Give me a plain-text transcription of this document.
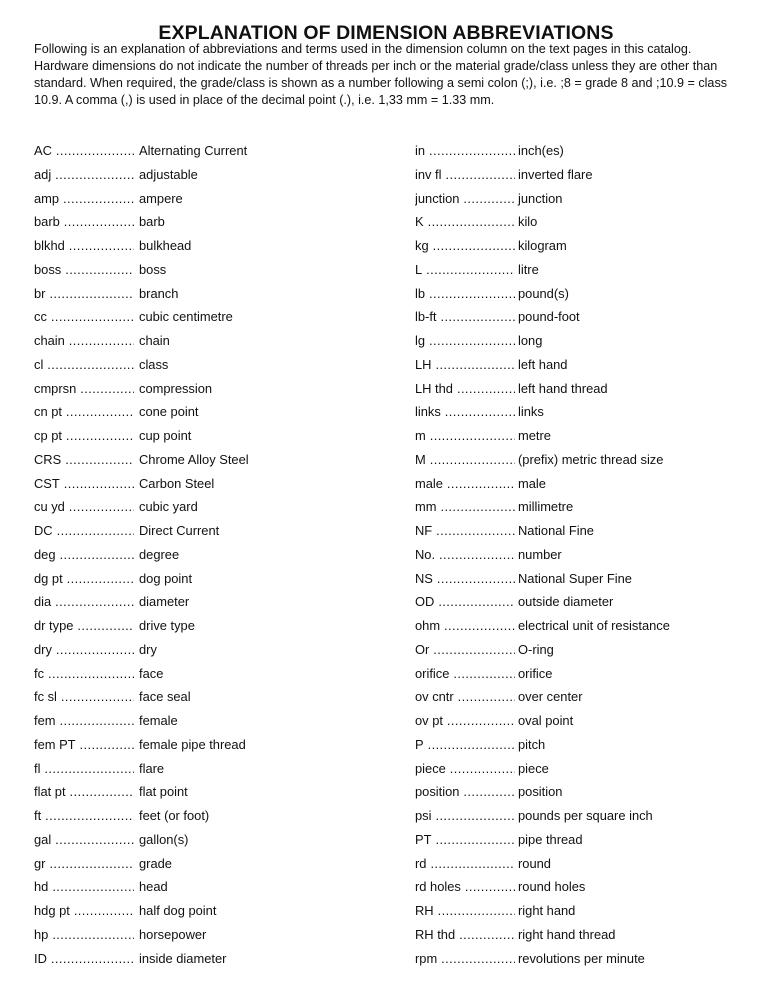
EXPLANATION OF DIMENSION ABBREVIATIONS

Following is an explanation of abbreviations and terms used in the dimension column on the text pages in this catalog. Hardware dimensions do not indicate the number of threads per inch or the material grade/class unless they are other than standard. When required, the grade/class is shown as a number following a semi colon (;), i.e. ;8 = grade 8 and ;10.9 = class 10.9. A comma (,) is used in place of the decimal point (.), i.e. 1,33 mm = 1.33 mm.

AC .....	Alternating Current
adj .....	adjustable
amp .....	ampere
barb .....	barb
blkhd .....	bulkhead
boss .....	boss
br .....	branch
cc .....	cubic centimetre
chain .....	chain
cl .....	class
cmprsn .....	compression
cn pt .....	cone point
cp pt .....	cup point
CRS .....	Chrome Alloy Steel
CST .....	Carbon Steel
cu yd .....	cubic yard
DC .....	Direct Current
deg .....	degree
dg pt .....	dog point
dia .....	diameter
dr type .....	drive type
dry .....	dry
fc .....	face
fc sl .....	face seal
fem .....	female
fem PT .....	female pipe thread
fl .....	flare
flat pt .....	flat point
ft .....	feet (or foot)
gal .....	gallon(s)
gr .....	grade
hd .....	head
hdg pt .....	half dog point
hp .....	horsepower
ID .....	inside diameter
in .....	inch(es)
inv fl .....	inverted flare
junction .....	junction
K .....	kilo
kg .....	kilogram
L .....	litre
lb .....	pound(s)
lb-ft .....	pound-foot
lg .....	long
LH .....	left hand
LH thd .....	left hand thread
links .....	links
m .....	metre
M .....	(prefix) metric thread size
male .....	male
mm .....	millimetre
NF .....	National Fine
No. .....	number
NS .....	National Super Fine
OD .....	outside diameter
ohm .....	electrical unit of resistance
Or .....	O-ring
orifice .....	orifice
ov cntr .....	over center
ov pt .....	oval point
P .....	pitch
piece .....	piece
position .....	position
psi .....	pounds per square inch
PT .....	pipe thread
rd .....	round
rd holes .....	round holes
RH .....	right hand
RH thd .....	right hand thread
rpm .....	revolutions per minute
